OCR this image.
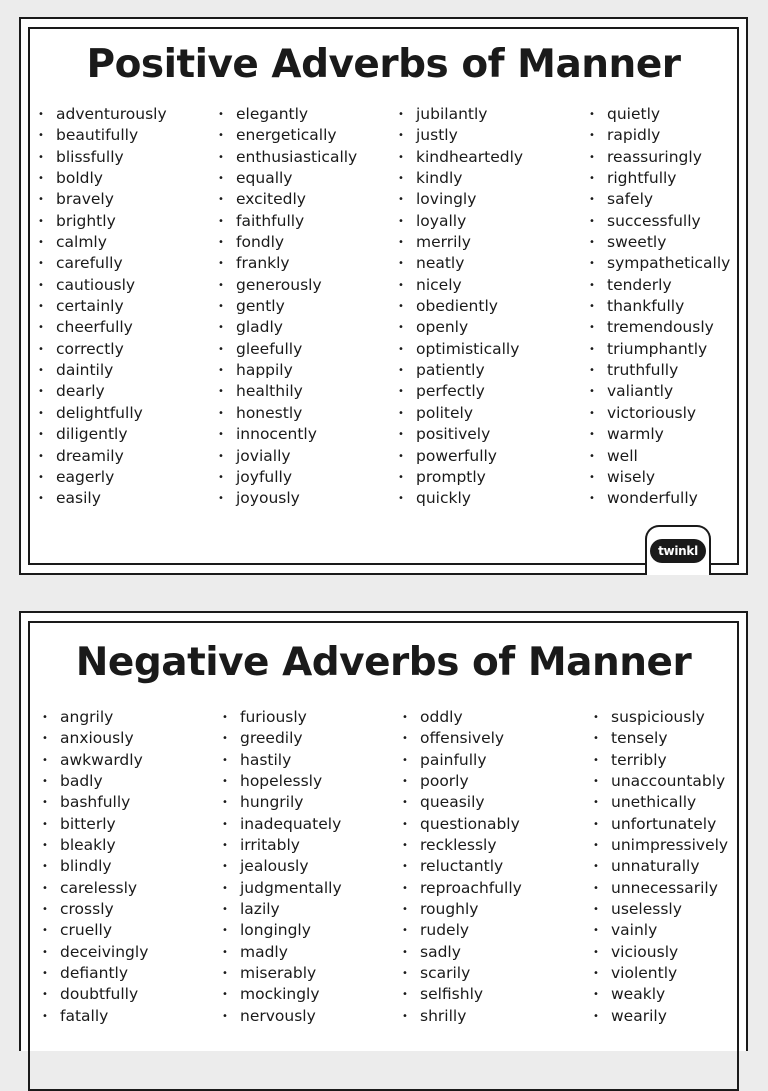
Positive Adverbs of Manner
• adventurously
• beautifully
• blissfully
• boldly
• bravely
• brightly
• calmly
• carefully
• cautiously
• certainly
• cheerfully
• correctly
• daintily
• dearly
• delightfully
• diligently
• dreamily
• eagerly
• easily
• elegantly
• energetically
• enthusiastically
• equally
• excitedly
• faithfully
• fondly
• frankly
• generously
• gently
• gladly
• gleefully
• happily
• healthily
• honestly
• innocently
• jovially
• joyfully
• joyously
• jubilantly
• justly
• kindheartedly
• kindly
• lovingly
• loyally
• merrily
• neatly
• nicely
• obediently
• openly
• optimistically
• patiently
• perfectly
• politely
• positively
• powerfully
• promptly
• quickly
• quietly
• rapidly
• reassuringly
• rightfully
• safely
• successfully
• sweetly
• sympathetically
• tenderly
• thankfully
• tremendously
• triumphantly
• truthfully
• valiantly
• victoriously
• warmly
• well
• wisely
• wonderfully
twinkl
Negative Adverbs of Manner
• angrily
• anxiously
• awkwardly
• badly
• bashfully
• bitterly
• bleakly
• blindly
• carelessly
• crossly
• cruelly
• deceivingly
• defiantly
• doubtfully
• fatally
• furiously
• greedily
• hastily
• hopelessly
• hungrily
• inadequately
• irritably
• jealously
• judgmentally
• lazily
• longingly
• madly
• miserably
• mockingly
• nervously
• oddly
• offensively
• painfully
• poorly
• queasily
• questionably
• recklessly
• reluctantly
• reproachfully
• roughly
• rudely
• sadly
• scarily
• selfishly
• shrilly
• suspiciously
• tensely
• terribly
• unaccountably
• unethically
• unfortunately
• unimpressively
• unnaturally
• unnecessarily
• uselessly
• vainly
• viciously
• violently
• weakly
• wearily
